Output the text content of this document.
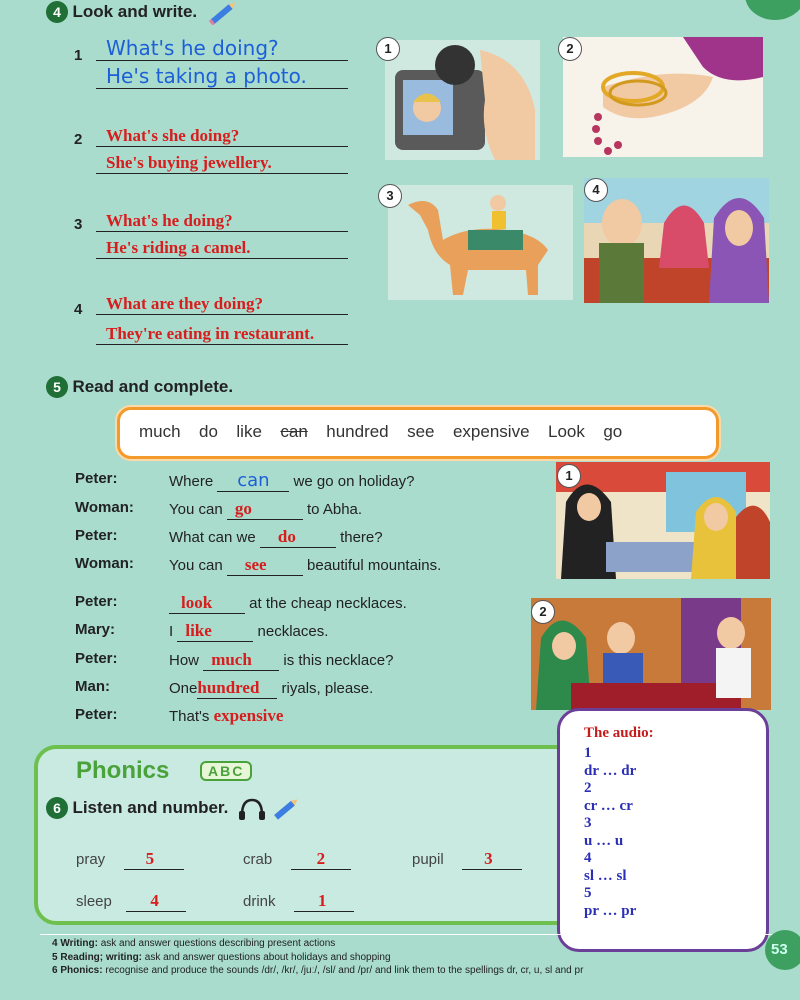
4 Look and write.
1	What's he doing?
He's taking a photo.
2	What's she doing?
She's buying jewellery.
3	What's he doing?
He's riding a camel.
4	What are they doing?
They're eating in restaurant.
1	2
3	4
5 Read and complete.
much do like can hundred see expensive Look go
Peter:	Where can we go on holiday?
Woman: You can go	to Abha.
Peter:	What can we do	there?
Woman: You can see	beautiful mountains.
Peter:	look at the cheap necklaces.
Mary:	I like	necklaces.
Peter:	How much is this necklace?
Man:	Onehundred riyals, please.
Peter:	That's expensive
1
2
Phonics	ABC
6 Listen and number.
pray 5	crab	2	pupil 3
sleep 4	drink 1
The audio:
1
dr … dr
2
cr … cr
3
u … u
4
sl … sl
5
pr … pr
4 Writing: ask and answer questions describing present actions
5 Reading; writing: ask and answer questions about holidays and shopping
6 Phonics: recognise and produce the sounds /dr/, /kr/, /juː/, /sl/ and /pr/ and link them to the spellings dr, cr, u, sl and pr
53
